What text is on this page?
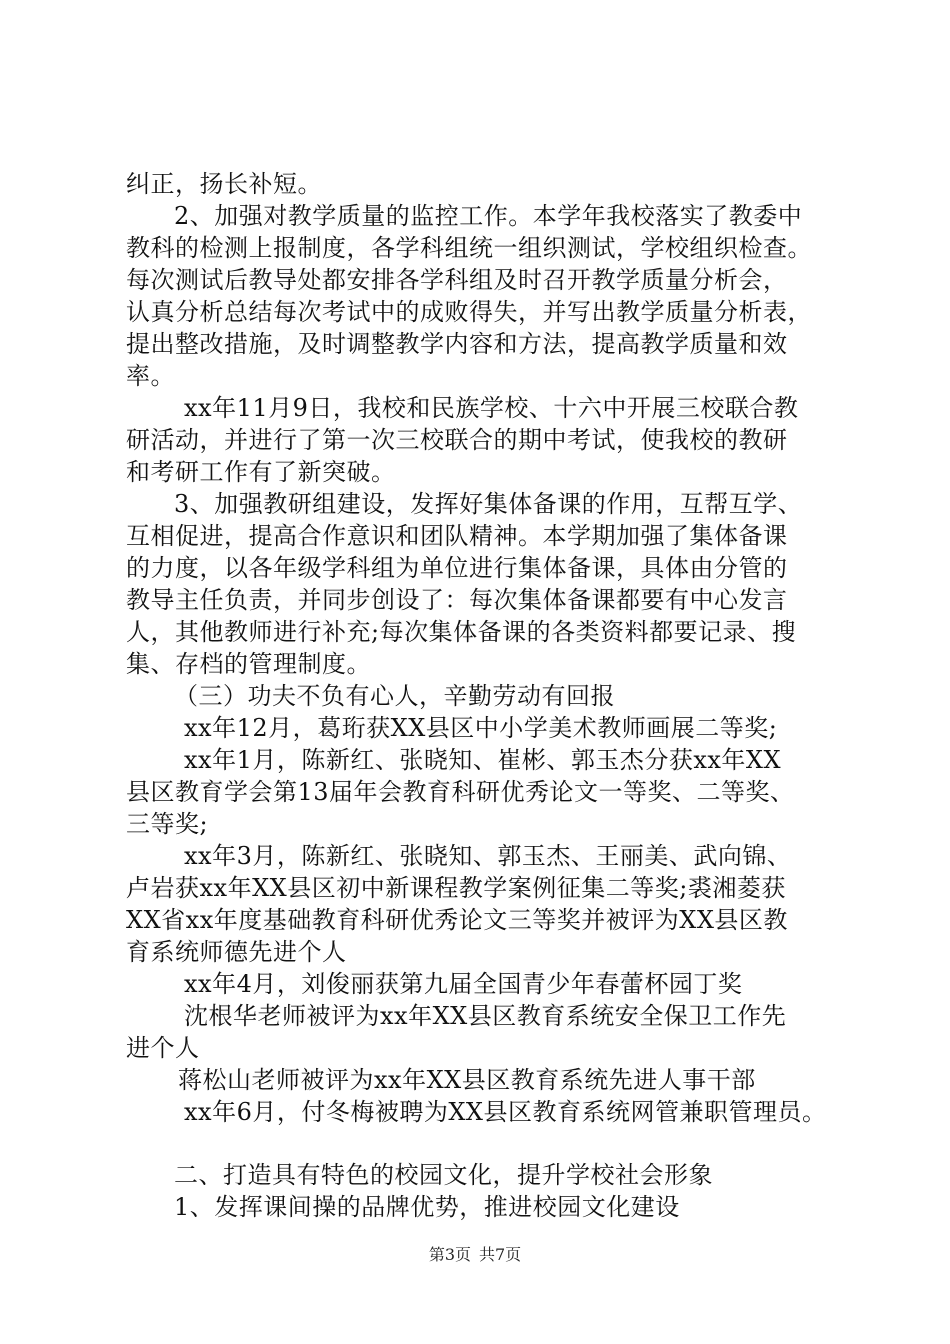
纠正，扬长补短。
2、加强对教学质量的监控工作。本学年我校落实了教委中
教科的检测上报制度，各学科组统一组织测试，学校组织检查。
每次测试后教导处都安排各学科组及时召开教学质量分析会，
认真分析总结每次考试中的成败得失，并写出教学质量分析表，
提出整改措施，及时调整教学内容和方法，提高教学质量和效
率。
xx年11月9日，我校和民族学校、十六中开展三校联合教
研活动，并进行了第一次三校联合的期中考试，使我校的教研
和考研工作有了新突破。
3、加强教研组建设，发挥好集体备课的作用，互帮互学、
互相促进，提高合作意识和团队精神。本学期加强了集体备课
的力度，以各年级学科组为单位进行集体备课，具体由分管的
教导主任负责，并同步创设了：每次集体备课都要有中心发言
人，其他教师进行补充;每次集体备课的各类资料都要记录、搜
集、存档的管理制度。
（三）功夫不负有心人，辛勤劳动有回报
xx年12月，葛珩获XX县区中小学美术教师画展二等奖;
xx年1月，陈新红、张晓知、崔彬、郭玉杰分获xx年XX
县区教育学会第13届年会教育科研优秀论文一等奖、二等奖、
三等奖;
xx年3月，陈新红、张晓知、郭玉杰、王丽美、武向锦、
卢岩获xx年XX县区初中新课程教学案例征集二等奖;裘湘菱获
XX省xx年度基础教育科研优秀论文三等奖并被评为XX县区教
育系统师德先进个人
xx年4月，刘俊丽获第九届全国青少年春蕾杯园丁奖
沈根华老师被评为xx年XX县区教育系统安全保卫工作先
进个人
蒋松山老师被评为xx年XX县区教育系统先进人事干部
xx年6月，付冬梅被聘为XX县区教育系统网管兼职管理员。
二、打造具有特色的校园文化，提升学校社会形象
1、发挥课间操的品牌优势，推进校园文化建设
第3页 共7页
